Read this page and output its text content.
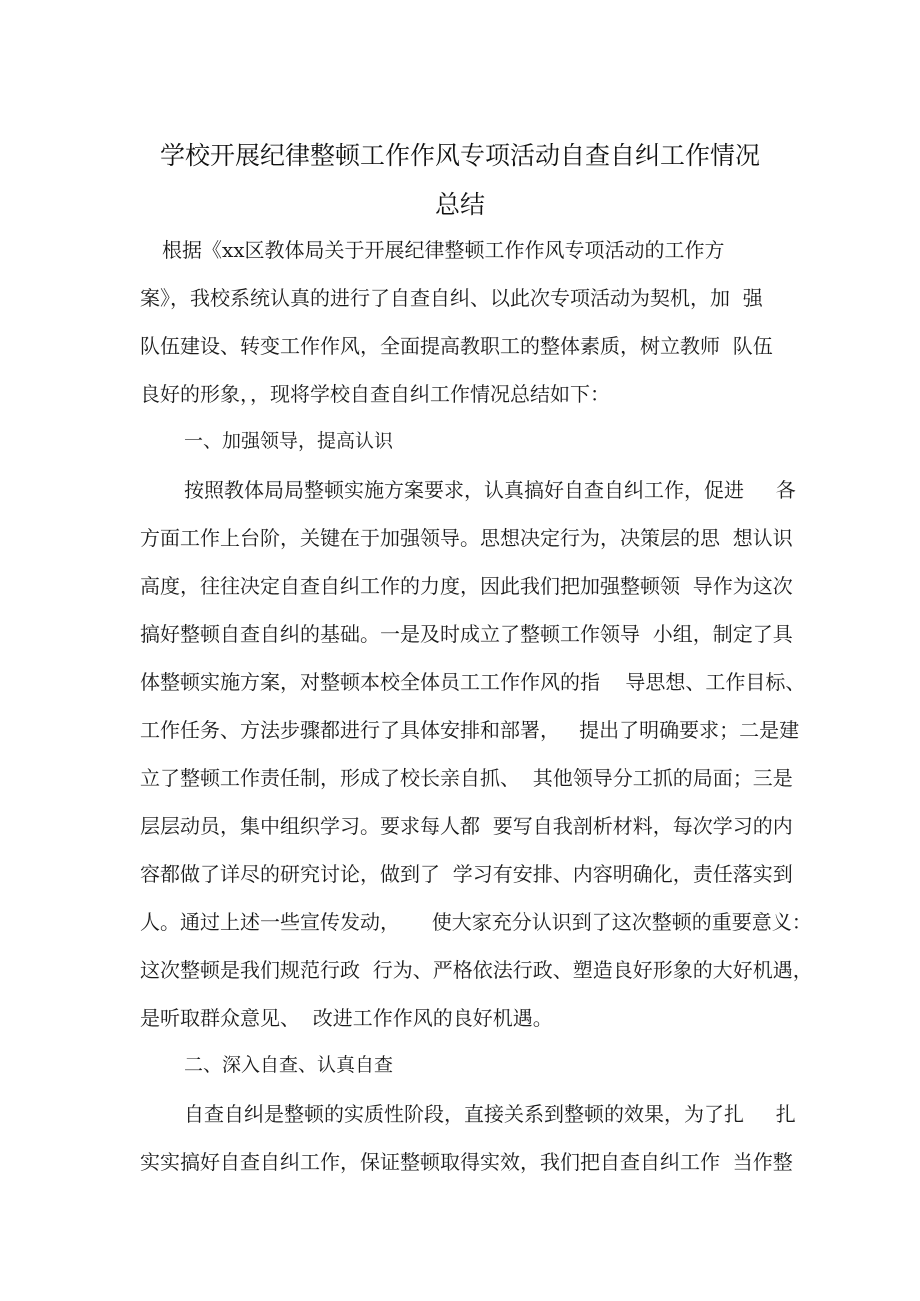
学校开展纪律整顿工作作风专项活动自查自纠工作情况
总结
根据《xx区教体局关于开展纪律整顿工作作风专项活动的工作方
案》，我校系统认真的进行了自查自纠、以此次专项活动为契机，加  强
队伍建设、转变工作作风，全面提高教职工的整体素质，树立教师  队伍
良好的形象，，现将学校自查自纠工作情况总结如下：
一、加强领导，提高认识
按照教体局局整顿实施方案要求，认真搞好自查自纠工作，促进     各
方面工作上台阶，关键在于加强领导。思想决定行为，决策层的思  想认识
高度，往往决定自查自纠工作的力度，因此我们把加强整顿领  导作为这次
搞好整顿自查自纠的基础。一是及时成立了整顿工作领导  小组，制定了具
体整顿实施方案，对整顿本校全体员工工作作风的指    导思想、工作目标、
工作任务、方法步骤都进行了具体安排和部署，   提出了明确要求；二是建
立了整顿工作责任制，形成了校长亲自抓、  其他领导分工抓的局面；三是
层层动员，集中组织学习。要求每人都  要写自我剖析材料，每次学习的内
容都做了详尽的研究讨论，做到了  学习有安排、内容明确化，责任落实到
人。通过上述一些宣传发动，     使大家充分认识到了这次整顿的重要意义：
这次整顿是我们规范行政  行为、严格依法行政、塑造良好形象的大好机遇，
是听取群众意见、  改进工作作风的良好机遇。
二、深入自查、认真自查
自查自纠是整顿的实质性阶段，直接关系到整顿的效果，为了扎     扎
实实搞好自查自纠工作，保证整顿取得实效，我们把自查自纠工作  当作整
